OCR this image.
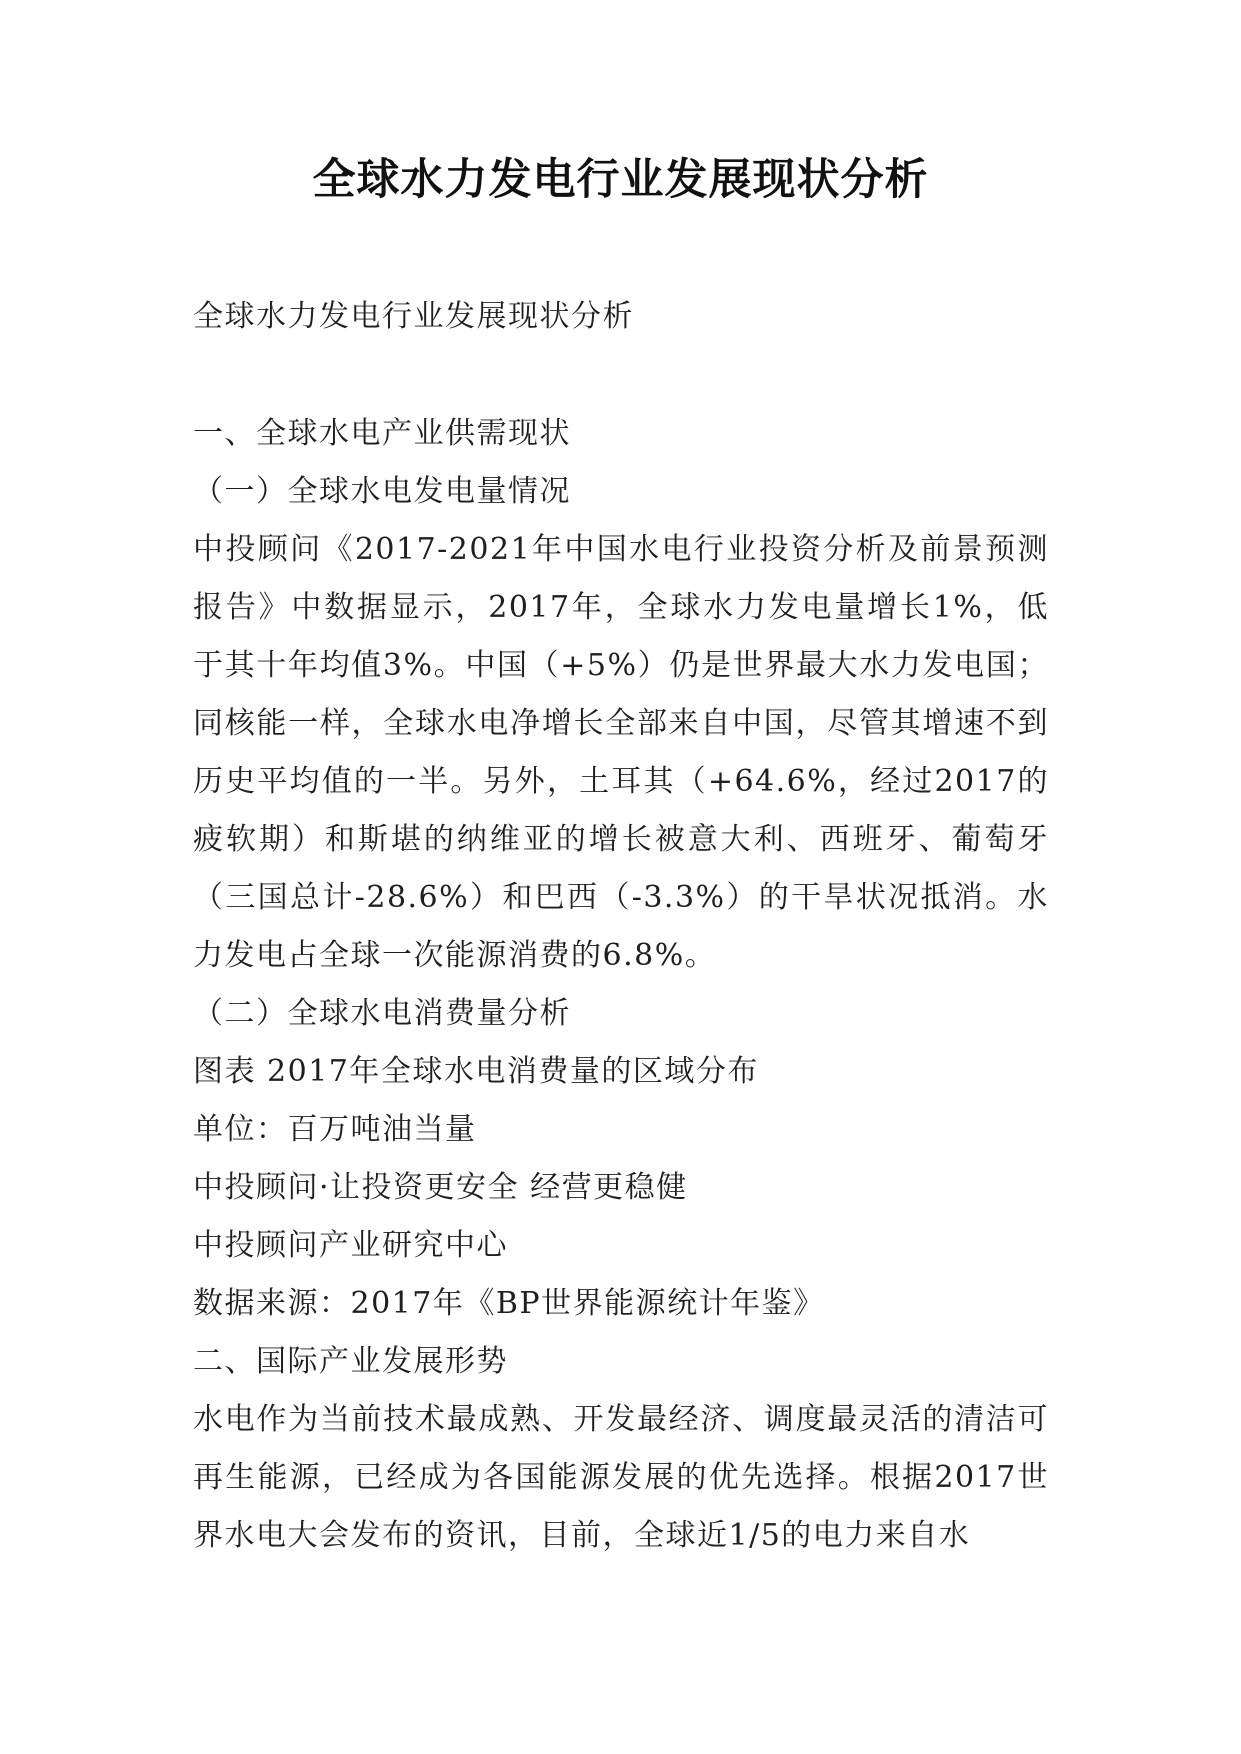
全球水力发电行业发展现状分析
全球水力发电行业发展现状分析

一、全球水电产业供需现状

（一）全球水电发电量情况

中投顾问《2017-2021年中国水电行业投资分析及前景预测报告》中数据显示，2017年，全球水力发电量增长1%，低于其十年均值3%。中国（+5%）仍是世界最大水力发电国；同核能一样，全球水电净增长全部来自中国，尽管其增速不到历史平均值的一半。另外，土耳其（+64.6%，经过2017的疲软期）和斯堪的纳维亚的增长被意大利、西班牙、葡萄牙（三国总计-28.6%）和巴西（-3.3%）的干旱状况抵消。水力发电占全球一次能源消费的6.8%。

（二）全球水电消费量分析

图表 2017年全球水电消费量的区域分布

单位：百万吨油当量

中投顾问·让投资更安全 经营更稳健

中投顾问产业研究中心

数据来源：2017年《BP世界能源统计年鉴》

二、国际产业发展形势

水电作为当前技术最成熟、开发最经济、调度最灵活的清洁可再生能源，已经成为各国能源发展的优先选择。根据2017世界水电大会发布的资讯，目前，全球近1/5的电力来自水
